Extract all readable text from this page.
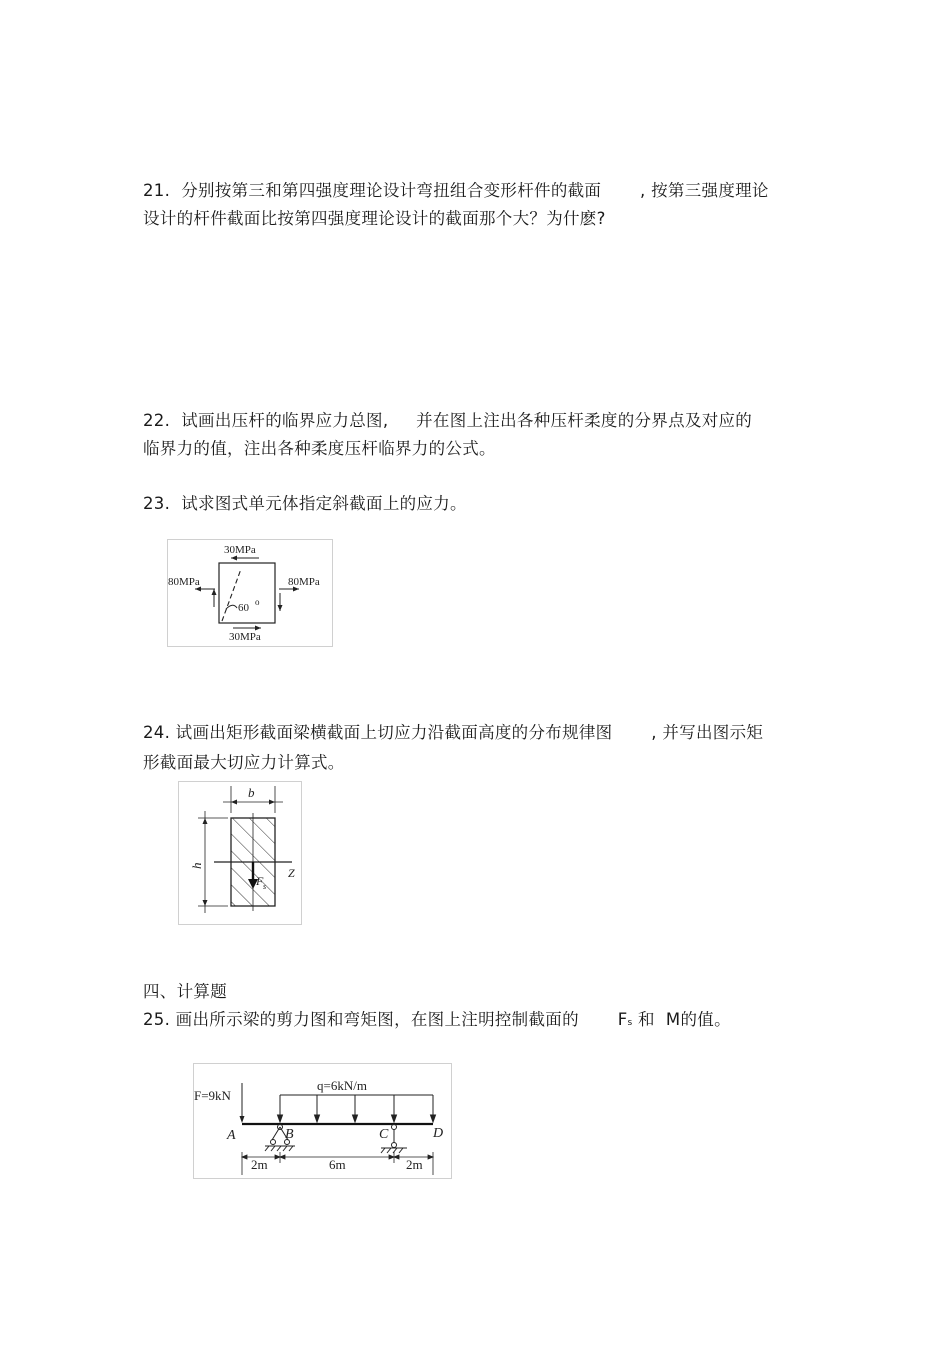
21.  分别按第三和第四强度理论设计弯扭组合变形杆件的截面       , 按第三强度理论
设计的杆件截面比按第四强度理论设计的截面那个大？为什麽?
22.  试画出压杆的临界应力总图,     并在图上注出各种压杆柔度的分界点及对应的
临界力的值，注出各种柔度压杆临界力的公式。
23.  试求图式单元体指定斜截面上的应力。
30MPa
30MPa
80MPa	80MPa
60 o
24. 试画出矩形截面梁横截面上切应力沿截面高度的分布规律图       , 并写出图示矩
形截面最大切应力计算式。
b
h
Z
F s
四、计算题
25. 画出所示梁的剪力图和弯矩图，在图上注明控制截面的       Fs 和  M的值。
F=9kN
q=6kN/m
A	B	C	D
2m	6m	2m
